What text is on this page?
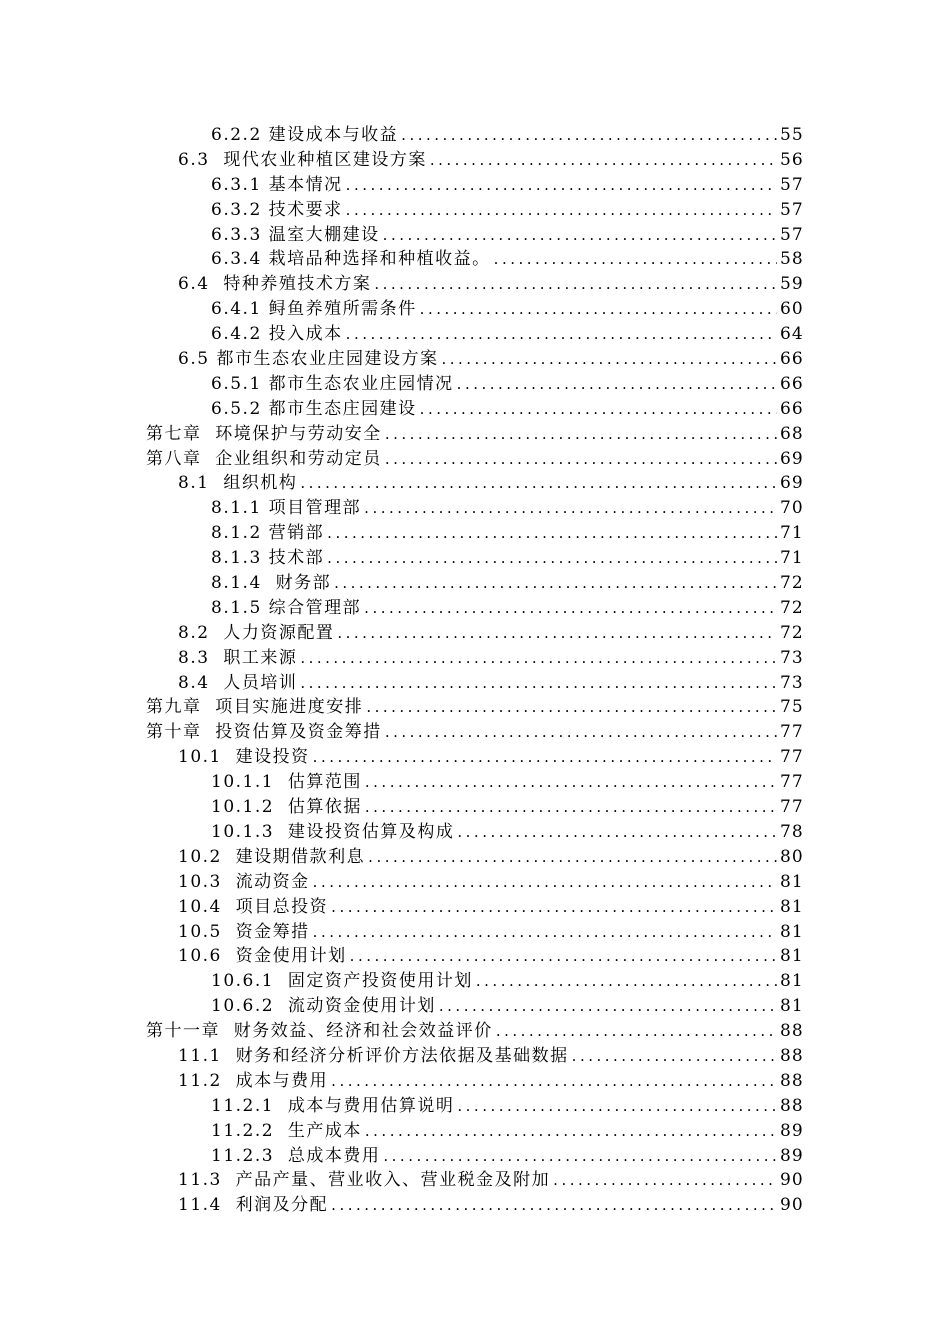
6.2.2 建设成本与收益 .....	55
6.3  现代农业种植区建设方案 .....	56
6.3.1 基本情况 .....	57
6.3.2 技术要求 .....	57
6.3.3 温室大棚建设 .....	57
6.3.4 栽培品种选择和种植收益。 .....	58
6.4  特种养殖技术方案 .....	59
6.4.1 鲟鱼养殖所需条件 .....	60
6.4.2 投入成本 .....	64
6.5 都市生态农业庄园建设方案 .....	66
6.5.1 都市生态农业庄园情况 .....	66
6.5.2 都市生态庄园建设 .....	66
第七章  环境保护与劳动安全 .....	68
第八章  企业组织和劳动定员 .....	69
8.1  组织机构 .....	69
8.1.1 项目管理部 .....	70
8.1.2 营销部 .....	71
8.1.3 技术部 .....	71
8.1.4  财务部 .....	72
8.1.5 综合管理部 .....	72
8.2  人力资源配置 .....	72
8.3  职工来源 .....	73
8.4  人员培训 .....	73
第九章  项目实施进度安排 .....	75
第十章  投资估算及资金筹措 .....	77
10.1  建设投资 .....	77
10.1.1  估算范围 .....	77
10.1.2  估算依据 .....	77
10.1.3  建设投资估算及构成 .....	78
10.2  建设期借款利息 .....	80
10.3  流动资金 .....	81
10.4  项目总投资 .....	81
10.5  资金筹措 .....	81
10.6  资金使用计划 .....	81
10.6.1  固定资产投资使用计划 .....	81
10.6.2  流动资金使用计划 .....	81
第十一章  财务效益、经济和社会效益评价 .....	88
11.1  财务和经济分析评价方法依据及基础数据 .....	88
11.2  成本与费用 .....	88
11.2.1  成本与费用估算说明 .....	88
11.2.2  生产成本 .....	89
11.2.3  总成本费用 .....	89
11.3  产品产量、营业收入、营业税金及附加 .....	90
11.4  利润及分配 .....	90
